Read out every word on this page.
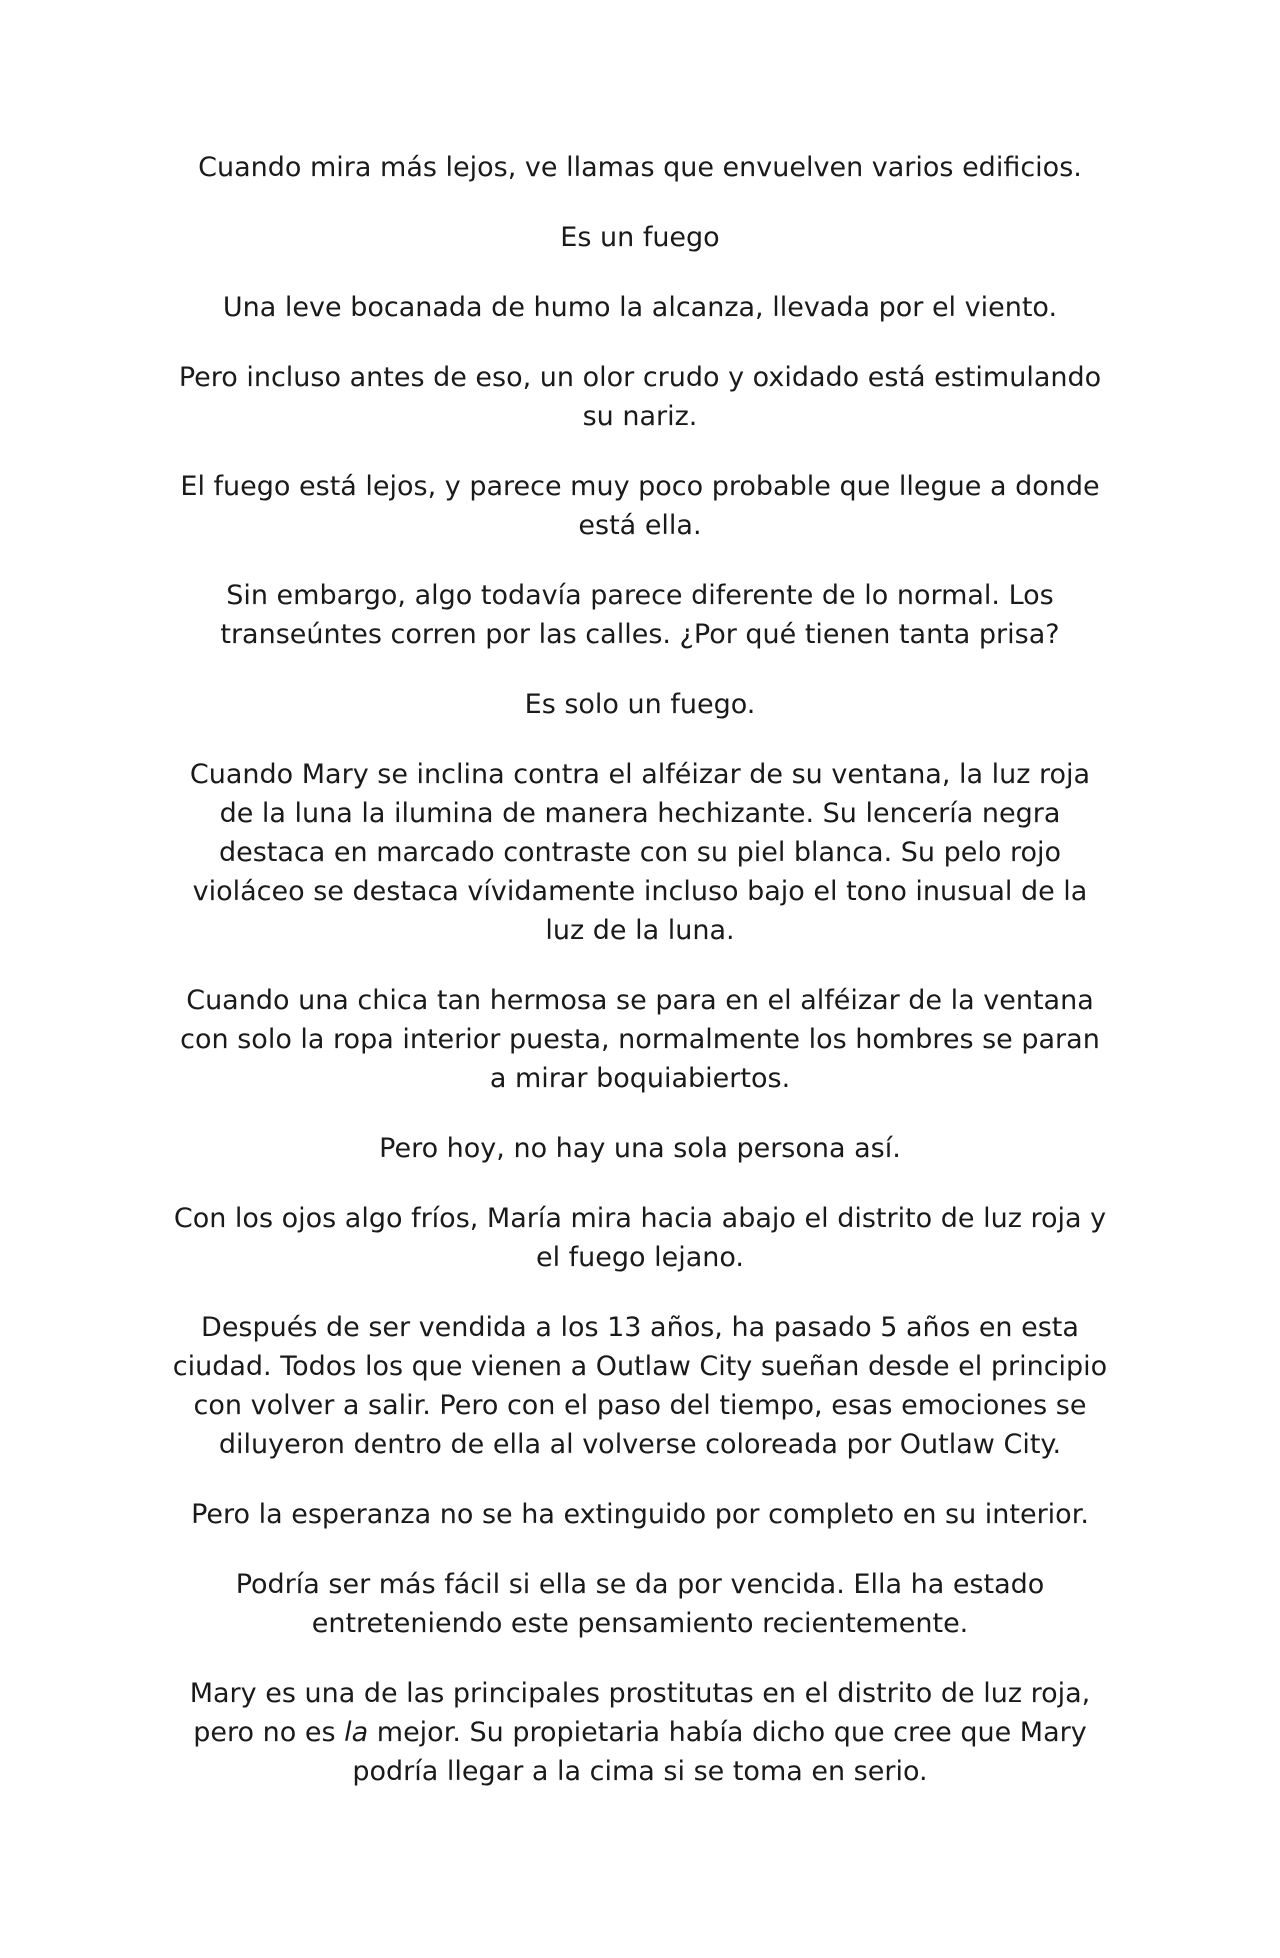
Cuando mira más lejos, ve llamas que envuelven varios edificios.

Es un fuego

Una leve bocanada de humo la alcanza, llevada por el viento.

Pero incluso antes de eso, un olor crudo y oxidado está estimulando su nariz.

El fuego está lejos, y parece muy poco probable que llegue a donde está ella.

Sin embargo, algo todavía parece diferente de lo normal. Los transeúntes corren por las calles. ¿Por qué tienen tanta prisa?

Es solo un fuego.

Cuando Mary se inclina contra el alféizar de su ventana, la luz roja de la luna la ilumina de manera hechizante. Su lencería negra destaca en marcado contraste con su piel blanca. Su pelo rojo violáceo se destaca vívidamente incluso bajo el tono inusual de la luz de la luna.

Cuando una chica tan hermosa se para en el alféizar de la ventana con solo la ropa interior puesta, normalmente los hombres se paran a mirar boquiabiertos.

Pero hoy, no hay una sola persona así.

Con los ojos algo fríos, María mira hacia abajo el distrito de luz roja y el fuego lejano.

Después de ser vendida a los 13 años, ha pasado 5 años en esta ciudad. Todos los que vienen a Outlaw City sueñan desde el principio con volver a salir. Pero con el paso del tiempo, esas emociones se diluyeron dentro de ella al volverse coloreada por Outlaw City.

Pero la esperanza no se ha extinguido por completo en su interior.

Podría ser más fácil si ella se da por vencida. Ella ha estado entreteniendo este pensamiento recientemente.

Mary es una de las principales prostitutas en el distrito de luz roja, pero no es la mejor. Su propietaria había dicho que cree que Mary podría llegar a la cima si se toma en serio.
